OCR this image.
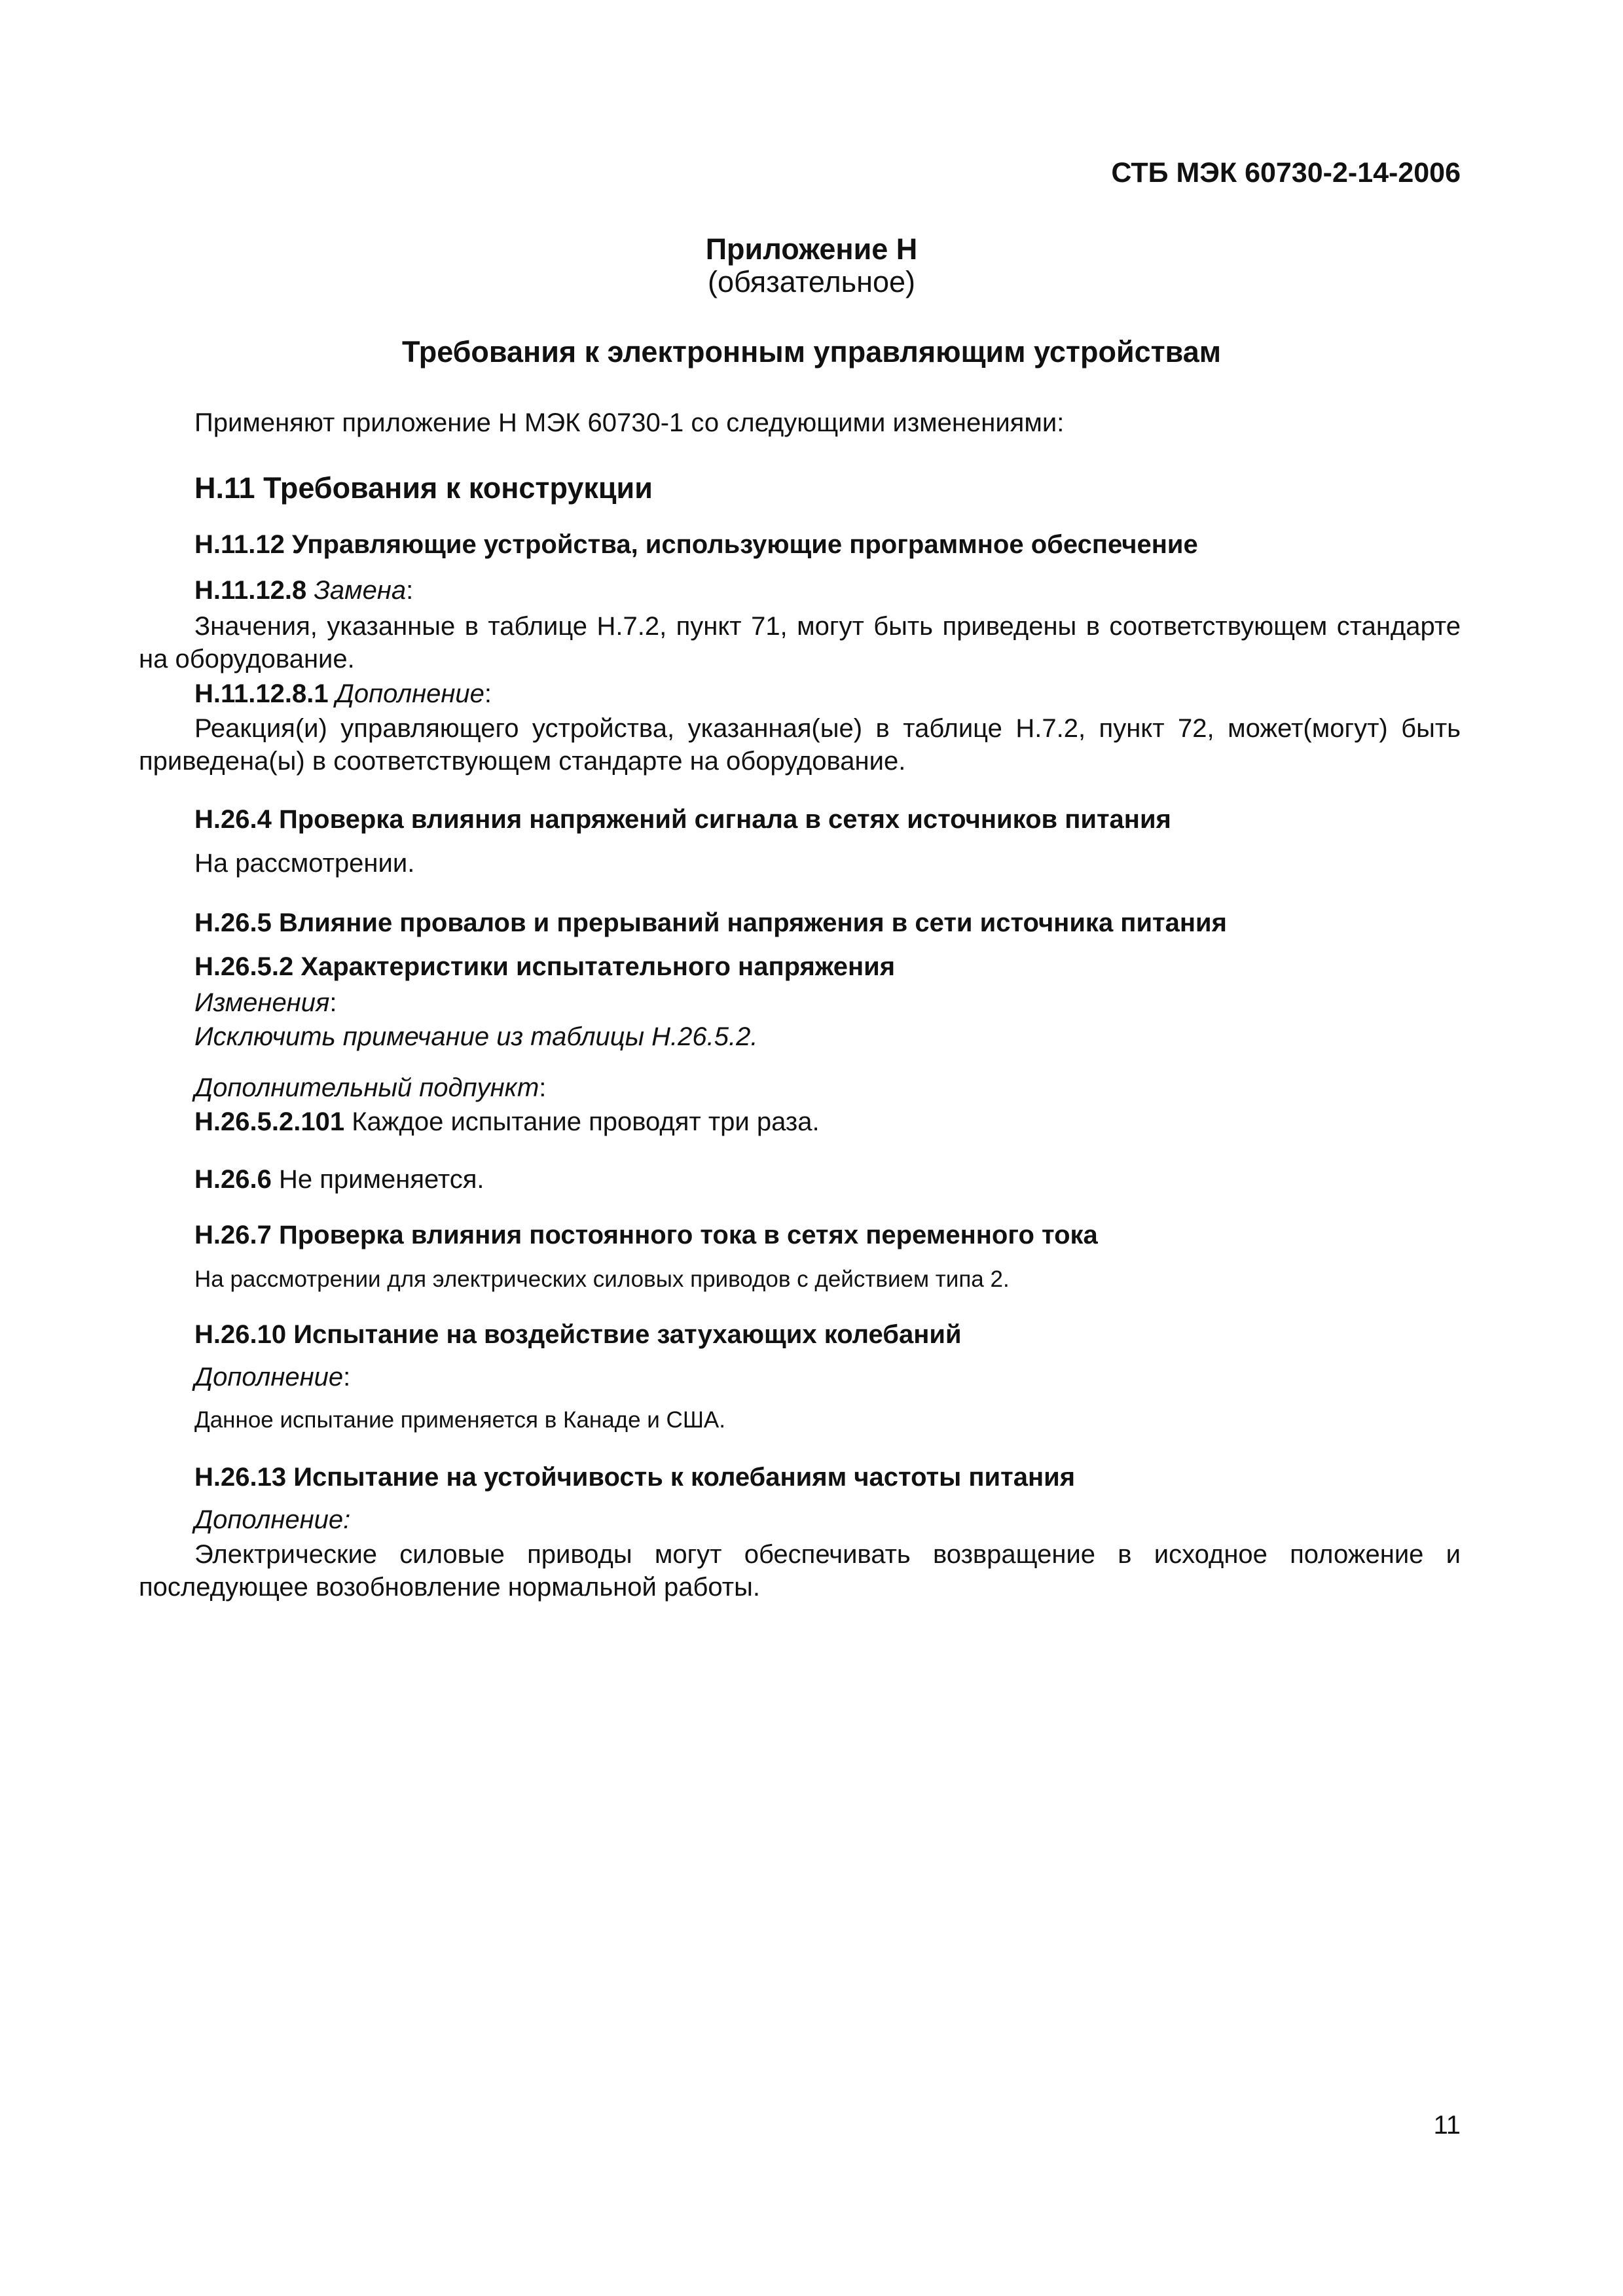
СТБ МЭК 60730-2-14-2006
Приложение Н
(обязательное)
Требования к электронным управляющим устройствам
Применяют приложение Н МЭК 60730-1 со следующими изменениями:
Н.11 Требования к конструкции
Н.11.12 Управляющие устройства, использующие программное обеспечение
Н.11.12.8 Замена:
Значения, указанные в таблице Н.7.2, пункт 71, могут быть приведены в соответствующем стандарте на оборудование.
Н.11.12.8.1 Дополнение:
Реакция(и) управляющего устройства, указанная(ые) в таблице Н.7.2, пункт 72, может(могут) быть приведена(ы) в соответствующем стандарте на оборудование.
Н.26.4 Проверка влияния напряжений сигнала в сетях источников питания
На рассмотрении.
Н.26.5 Влияние провалов и прерываний напряжения в сети источника питания
Н.26.5.2 Характеристики испытательного напряжения
Изменения:
Исключить примечание из таблицы Н.26.5.2.
Дополнительный подпункт:
Н.26.5.2.101 Каждое испытание проводят три раза.
Н.26.6 Не применяется.
Н.26.7 Проверка влияния постоянного тока в сетях переменного тока
На рассмотрении для электрических силовых приводов с действием типа 2.
Н.26.10 Испытание на воздействие затухающих колебаний
Дополнение:
Данное испытание применяется в Канаде и США.
Н.26.13 Испытание на устойчивость к колебаниям частоты питания
Дополнение:
Электрические силовые приводы могут обеспечивать возвращение в исходное положение и последующее возобновление нормальной работы.
11
